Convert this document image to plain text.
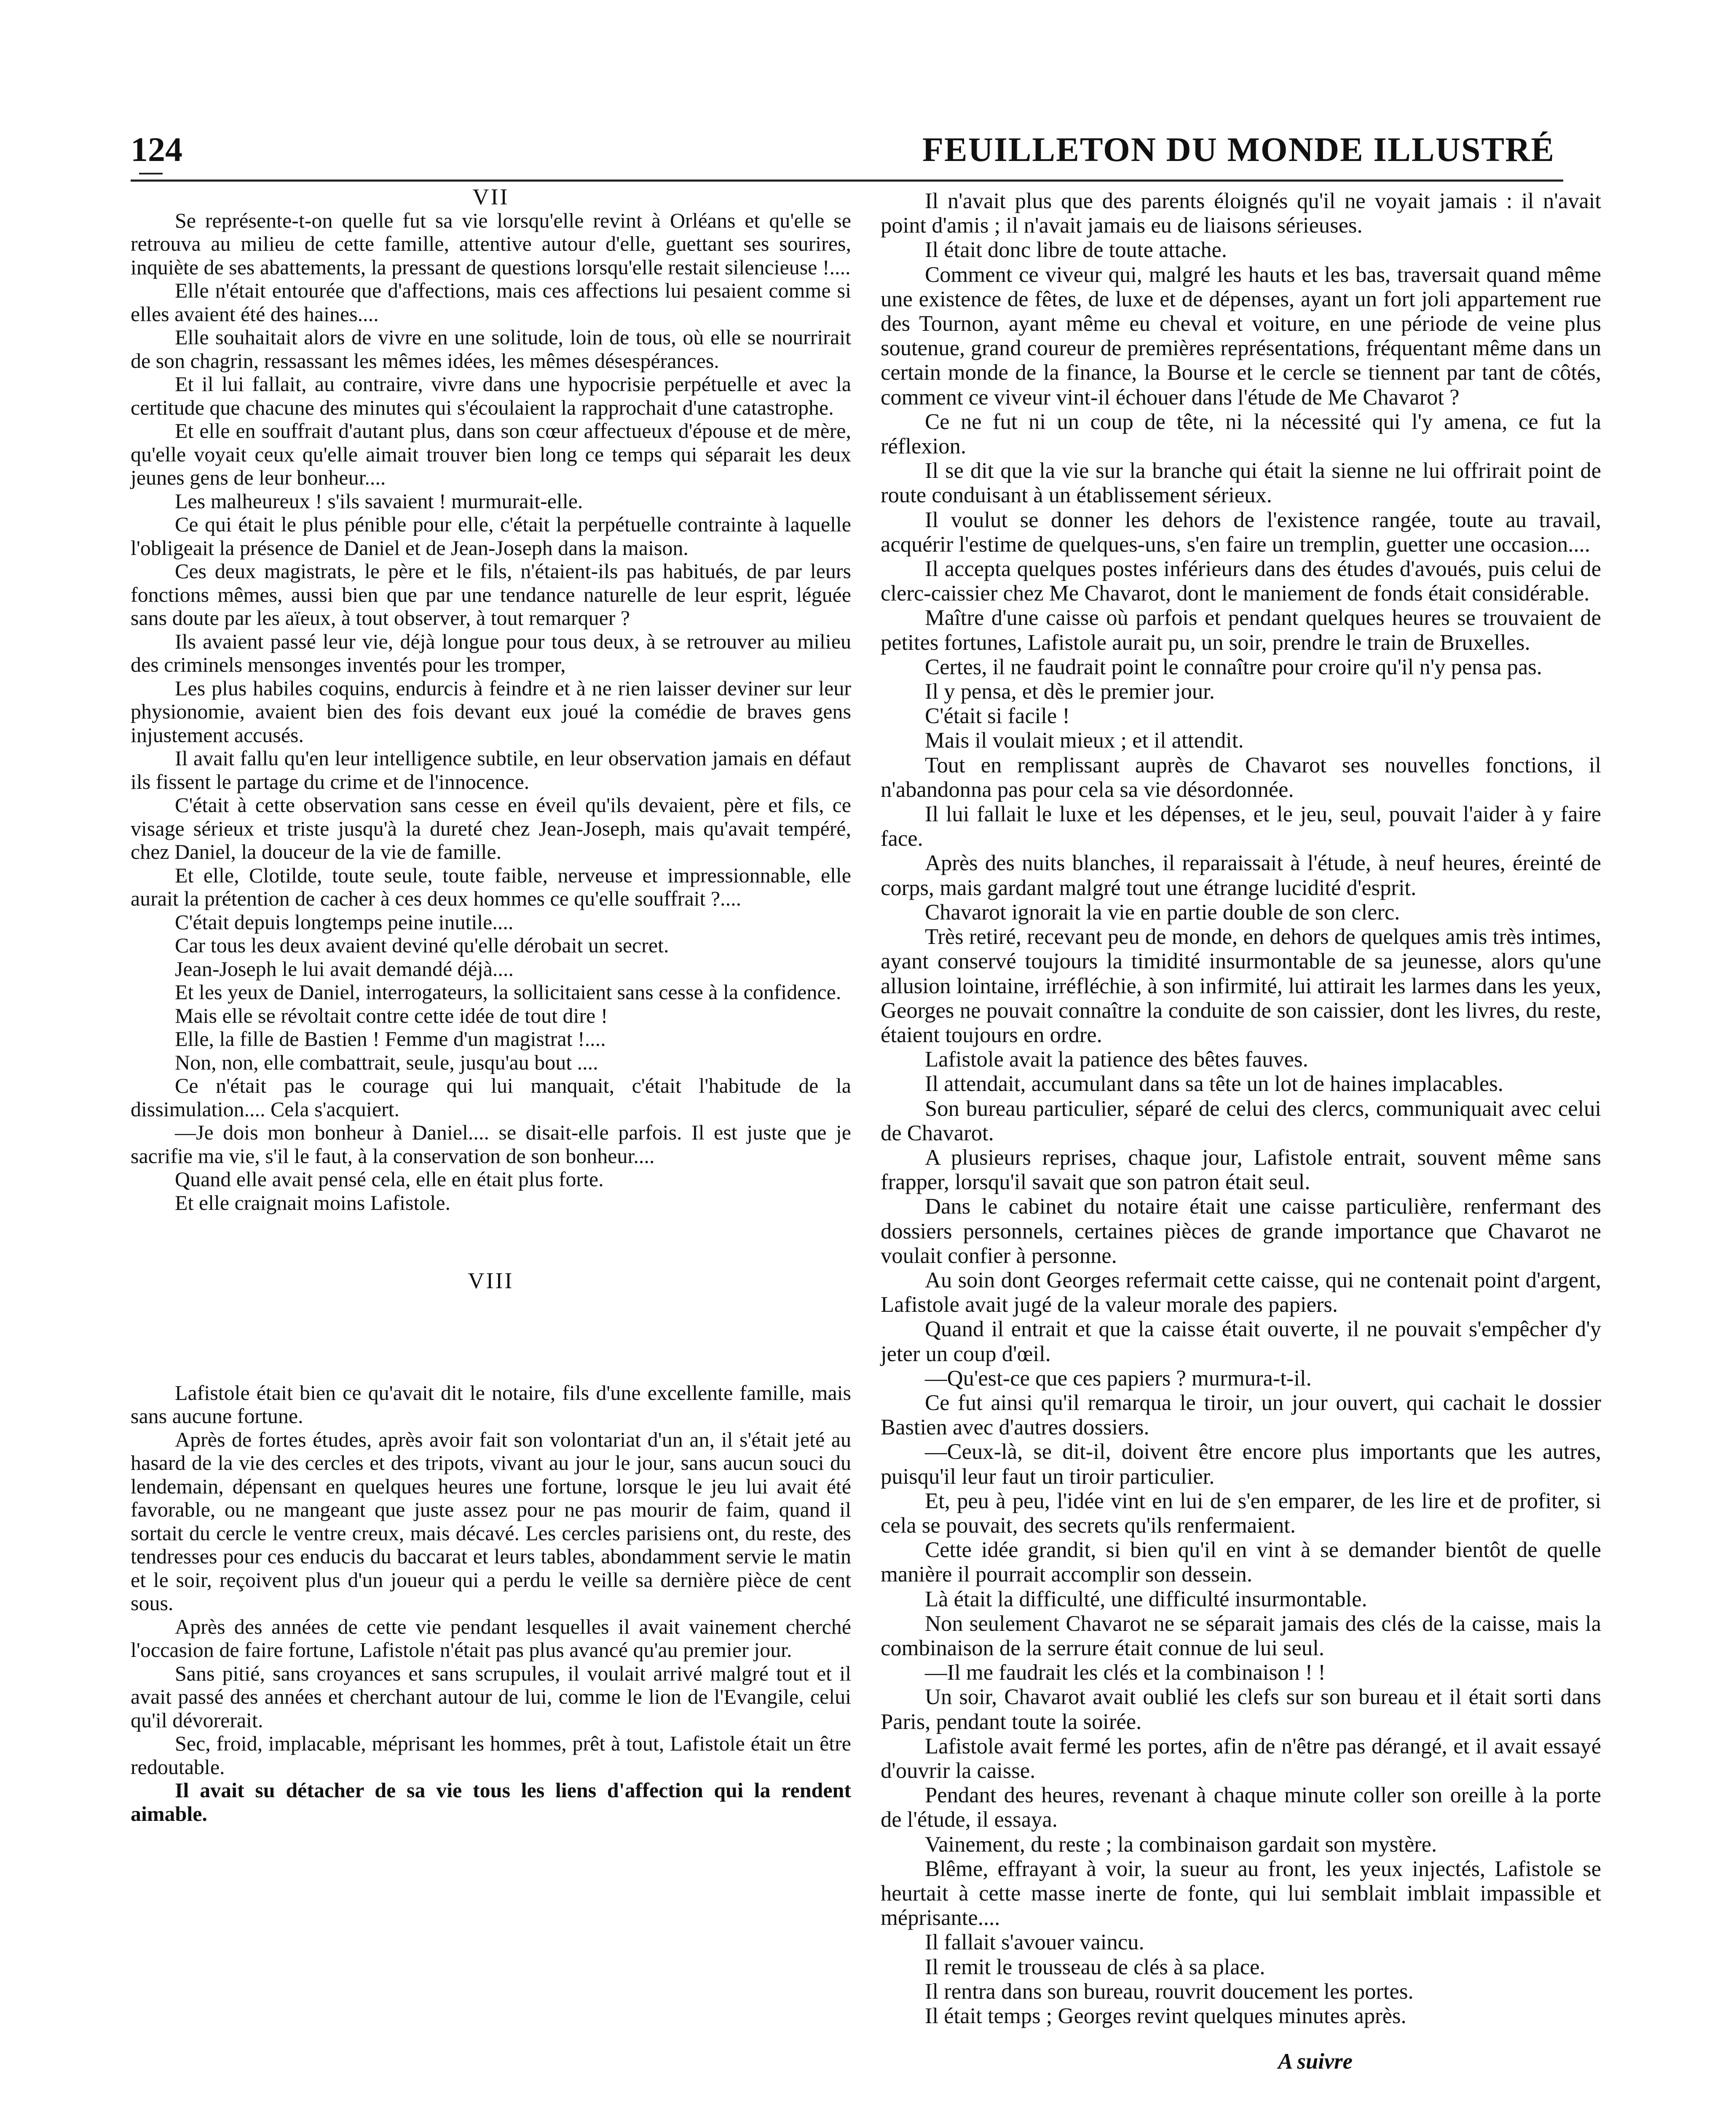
124	FEUILLETON DU MONDE ILLUSTRÉ

VII

Se représente-t-on quelle fut sa vie lorsqu'elle revint à Orléans et qu'elle se retrouva au milieu de cette famille, attentive autour d'elle, guettant ses sourires, inquiète de ses abattements, la pressant de questions lorsqu'elle restait silencieuse !....

Elle n'était entourée que d'affections, mais ces affections lui pesaient comme si elles avaient été des haines....

Elle souhaitait alors de vivre en une solitude, loin de tous, où elle se nourrirait de son chagrin, ressassant les mêmes idées, les mêmes désespérances.

Et il lui fallait, au contraire, vivre dans une hypocrisie perpétuelle et avec la certitude que chacune des minutes qui s'écoulaient la rapprochait d'une catastrophe.

Et elle en souffrait d'autant plus, dans son cœur affectueux d'épouse et de mère, qu'elle voyait ceux qu'elle aimait trouver bien long ce temps qui séparait les deux jeunes gens de leur bonheur....

Les malheureux ! s'ils savaient ! murmurait-elle.

Ce qui était le plus pénible pour elle, c'était la perpétuelle contrainte à laquelle l'obligeait la présence de Daniel et de Jean-Joseph dans la maison.

Ces deux magistrats, le père et le fils, n'étaient-ils pas habitués, de par leurs fonctions mêmes, aussi bien que par une tendance naturelle de leur esprit, léguée sans doute par les aïeux, à tout observer, à tout remarquer ?

Ils avaient passé leur vie, déjà longue pour tous deux, à se retrouver au milieu des criminels mensonges inventés pour les tromper,

Les plus habiles coquins, endurcis à feindre et à ne rien laisser deviner sur leur physionomie, avaient bien des fois devant eux joué la comédie de braves gens injustement accusés.

Il avait fallu qu'en leur intelligence subtile, en leur observation jamais en défaut ils fissent le partage du crime et de l'innocence.

C'était à cette observation sans cesse en éveil qu'ils devaient, père et fils, ce visage sérieux et triste jusqu'à la dureté chez Jean-Joseph, mais qu'avait tempéré, chez Daniel, la douceur de la vie de famille.

Et elle, Clotilde, toute seule, toute faible, nerveuse et impressionnable, elle aurait la prétention de cacher à ces deux hommes ce qu'elle souffrait ?....

C'était depuis longtemps peine inutile....

Car tous les deux avaient deviné qu'elle dérobait un secret.

Jean-Joseph le lui avait demandé déjà....

Et les yeux de Daniel, interrogateurs, la sollicitaient sans cesse à la confidence.

Mais elle se révoltait contre cette idée de tout dire !

Elle, la fille de Bastien ! Femme d'un magistrat !....

Non, non, elle combattrait, seule, jusqu'au bout ....

Ce n'était pas le courage qui lui manquait, c'était l'habitude de la dissimulation.... Cela s'acquiert.

—Je dois mon bonheur à Daniel.... se disait-elle parfois. Il est juste que je sacrifie ma vie, s'il le faut, à la conservation de son bonheur....

Quand elle avait pensé cela, elle en était plus forte.

Et elle craignait moins Lafistole.

VIII

Lafistole était bien ce qu'avait dit le notaire, fils d'une excellente famille, mais sans aucune fortune.

Après de fortes études, après avoir fait son volontariat d'un an, il s'était jeté au hasard de la vie des cercles et des tripots, vivant au jour le jour, sans aucun souci du lendemain, dépensant en quelques heures une fortune, lorsque le jeu lui avait été favorable, ou ne mangeant que juste assez pour ne pas mourir de faim, quand il sortait du cercle le ventre creux, mais décavé. Les cercles parisiens ont, du reste, des tendresses pour ces enducis du baccarat et leurs tables, abondamment servie le matin et le soir, reçoivent plus d'un joueur qui a perdu le veille sa dernière pièce de cent sous.

Après des années de cette vie pendant lesquelles il avait vainement cherché l'occasion de faire fortune, Lafistole n'était pas plus avancé qu'au premier jour.

Sans pitié, sans croyances et sans scrupules, il voulait arrivé malgré tout et il avait passé des années et cherchant autour de lui, comme le lion de l'Evangile, celui qu'il dévorerait.

Sec, froid, implacable, méprisant les hommes, prêt à tout, Lafistole était un être redoutable.

Il avait su détacher de sa vie tous les liens d'affection qui la rendent aimable.

Il n'avait plus que des parents éloignés qu'il ne voyait jamais : il n'avait point d'amis ; il n'avait jamais eu de liaisons sérieuses.

Il était donc libre de toute attache.

Comment ce viveur qui, malgré les hauts et les bas, traversait quand même une existence de fêtes, de luxe et de dépenses, ayant un fort joli appartement rue des Tournon, ayant même eu cheval et voiture, en une période de veine plus soutenue, grand coureur de premières représentations, fréquentant même dans un certain monde de la finance, la Bourse et le cercle se tiennent par tant de côtés, comment ce viveur vint-il échouer dans l'étude de Me Chavarot ?

Ce ne fut ni un coup de tête, ni la nécessité qui l'y amena, ce fut la réflexion.

Il se dit que la vie sur la branche qui était la sienne ne lui offrirait point de route conduisant à un établissement sérieux.

Il voulut se donner les dehors de l'existence rangée, toute au travail, acquérir l'estime de quelques-uns, s'en faire un tremplin, guetter une occasion....

Il accepta quelques postes inférieurs dans des études d'avoués, puis celui de clerc-caissier chez Me Chavarot, dont le maniement de fonds était considérable.

Maître d'une caisse où parfois et pendant quelques heures se trouvaient de petites fortunes, Lafistole aurait pu, un soir, prendre le train de Bruxelles.

Certes, il ne faudrait point le connaître pour croire qu'il n'y pensa pas.

Il y pensa, et dès le premier jour.

C'était si facile !

Mais il voulait mieux ; et il attendit.

Tout en remplissant auprès de Chavarot ses nouvelles fonctions, il n'abandonna pas pour cela sa vie désordonnée.

Il lui fallait le luxe et les dépenses, et le jeu, seul, pouvait l'aider à y faire face.

Après des nuits blanches, il reparaissait à l'étude, à neuf heures, éreinté de corps, mais gardant malgré tout une étrange lucidité d'esprit.

Chavarot ignorait la vie en partie double de son clerc.

Très retiré, recevant peu de monde, en dehors de quelques amis très intimes, ayant conservé toujours la timidité insurmontable de sa jeunesse, alors qu'une allusion lointaine, irréfléchie, à son infirmité, lui attirait les larmes dans les yeux, Georges ne pouvait connaître la conduite de son caissier, dont les livres, du reste, étaient toujours en ordre.

Lafistole avait la patience des bêtes fauves.

Il attendait, accumulant dans sa tête un lot de haines implacables.

Son bureau particulier, séparé de celui des clercs, communiquait avec celui de Chavarot.

A plusieurs reprises, chaque jour, Lafistole entrait, souvent même sans frapper, lorsqu'il savait que son patron était seul.

Dans le cabinet du notaire était une caisse particulière, renfermant des dossiers personnels, certaines pièces de grande importance que Chavarot ne voulait confier à personne.

Au soin dont Georges refermait cette caisse, qui ne contenait point d'argent, Lafistole avait jugé de la valeur morale des papiers.

Quand il entrait et que la caisse était ouverte, il ne pouvait s'empêcher d'y jeter un coup d'œil.

—Qu'est-ce que ces papiers ? murmura-t-il.

Ce fut ainsi qu'il remarqua le tiroir, un jour ouvert, qui cachait le dossier Bastien avec d'autres dossiers.

—Ceux-là, se dit-il, doivent être encore plus importants que les autres, puisqu'il leur faut un tiroir particulier.

Et, peu à peu, l'idée vint en lui de s'en emparer, de les lire et de profiter, si cela se pouvait, des secrets qu'ils renfermaient.

Cette idée grandit, si bien qu'il en vint à se demander bientôt de quelle manière il pourrait accomplir son dessein.

Là était la difficulté, une difficulté insurmontable.

Non seulement Chavarot ne se séparait jamais des clés de la caisse, mais la combinaison de la serrure était connue de lui seul.

—Il me faudrait les clés et la combinaison ! !

Un soir, Chavarot avait oublié les clefs sur son bureau et il était sorti dans Paris, pendant toute la soirée.

Lafistole avait fermé les portes, afin de n'être pas dérangé, et il avait essayé d'ouvrir la caisse.

Pendant des heures, revenant à chaque minute coller son oreille à la porte de l'étude, il essaya.

Vainement, du reste ; la combinaison gardait son mystère.

Blême, effrayant à voir, la sueur au front, les yeux injectés, Lafistole se heurtait à cette masse inerte de fonte, qui lui semblait imblait impassible et méprisante....

Il fallait s'avouer vaincu.

Il remit le trousseau de clés à sa place.

Il rentra dans son bureau, rouvrit doucement les portes.

Il était temps ; Georges revint quelques minutes après.

A suivre
